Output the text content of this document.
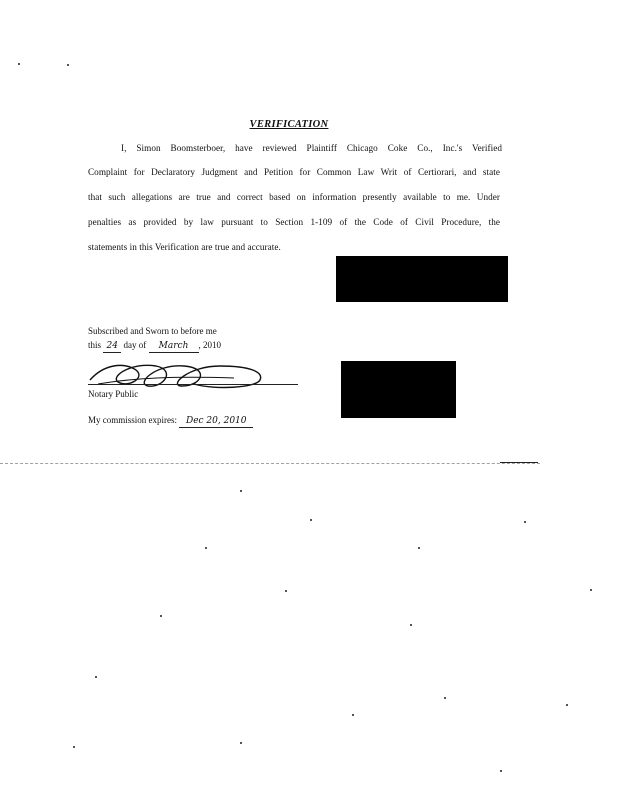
VERIFICATION
I, Simon Boomsterboer, have reviewed Plaintiff Chicago Coke Co., Inc.'s Verified
Complaint for Declaratory Judgment and Petition for Common Law Writ of Certiorari, and state
that such allegations are true and correct based on information presently available to me. Under
penalties as provided by law pursuant to Section 1-109 of the Code of Civil Procedure, the
statements in this Verification are true and accurate.
Subscribed and Sworn to before me
this 24 day of March , 2010
Notary Public
My commission expires: Dec 20, 2010
